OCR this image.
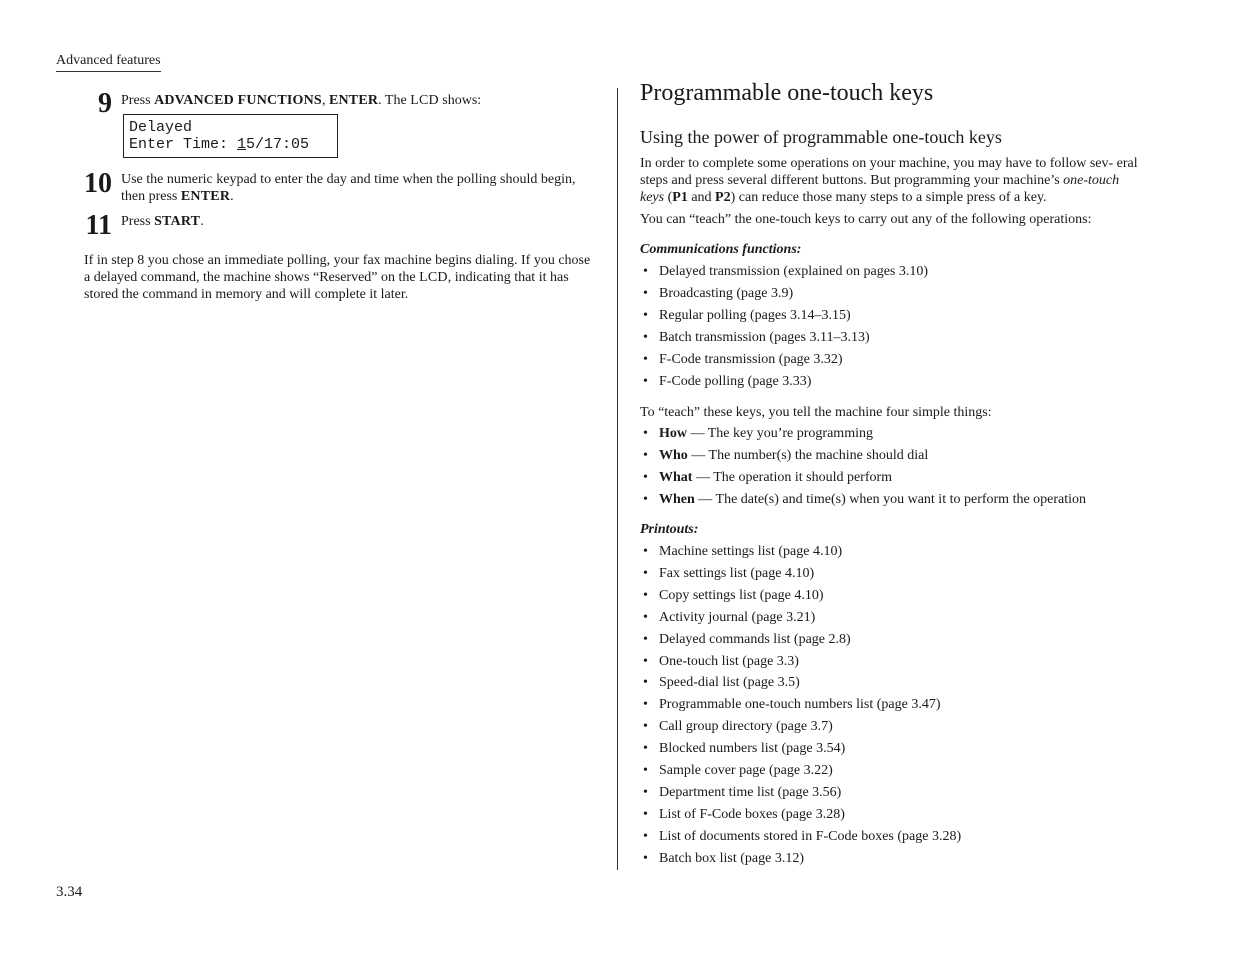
Advanced features
9 Press ADVANCED FUNCTIONS, ENTER. The LCD shows:
Delayed
Enter Time: 15/17:05
10 Use the numeric keypad to enter the day and time when the polling should begin, then press ENTER.
11 Press START.
If in step 8 you chose an immediate polling, your fax machine begins dialing. If you chose a delayed command, the machine shows “Reserved” on the LCD, indicating that it has stored the command in memory and will complete it later.
Programmable one-touch keys
Using the power of programmable one-touch keys
In order to complete some operations on your machine, you may have to follow sev- eral steps and press several different buttons. But programming your machine’s one-touch keys (P1 and P2) can reduce those many steps to a simple press of a key.
You can “teach” the one-touch keys to carry out any of the following operations:
Communications functions:
• Delayed transmission (explained on pages 3.10)
• Broadcasting (page 3.9)
• Regular polling (pages 3.14–3.15)
• Batch transmission (pages 3.11–3.13)
• F-Code transmission (page 3.32)
• F-Code polling (page 3.33)
To “teach” these keys, you tell the machine four simple things:
• How — The key you’re programming
• Who — The number(s) the machine should dial
• What — The operation it should perform
• When — The date(s) and time(s) when you want it to perform the operation
Printouts:
• Machine settings list (page 4.10)
• Fax settings list (page 4.10)
• Copy settings list (page 4.10)
• Activity journal (page 3.21)
• Delayed commands list (page 2.8)
• One-touch list (page 3.3)
• Speed-dial list (page 3.5)
• Programmable one-touch numbers list (page 3.47)
• Call group directory (page 3.7)
• Blocked numbers list (page 3.54)
• Sample cover page (page 3.22)
• Department time list (page 3.56)
• List of F-Code boxes (page 3.28)
• List of documents stored in F-Code boxes (page 3.28)
• Batch box list (page 3.12)
3.34
